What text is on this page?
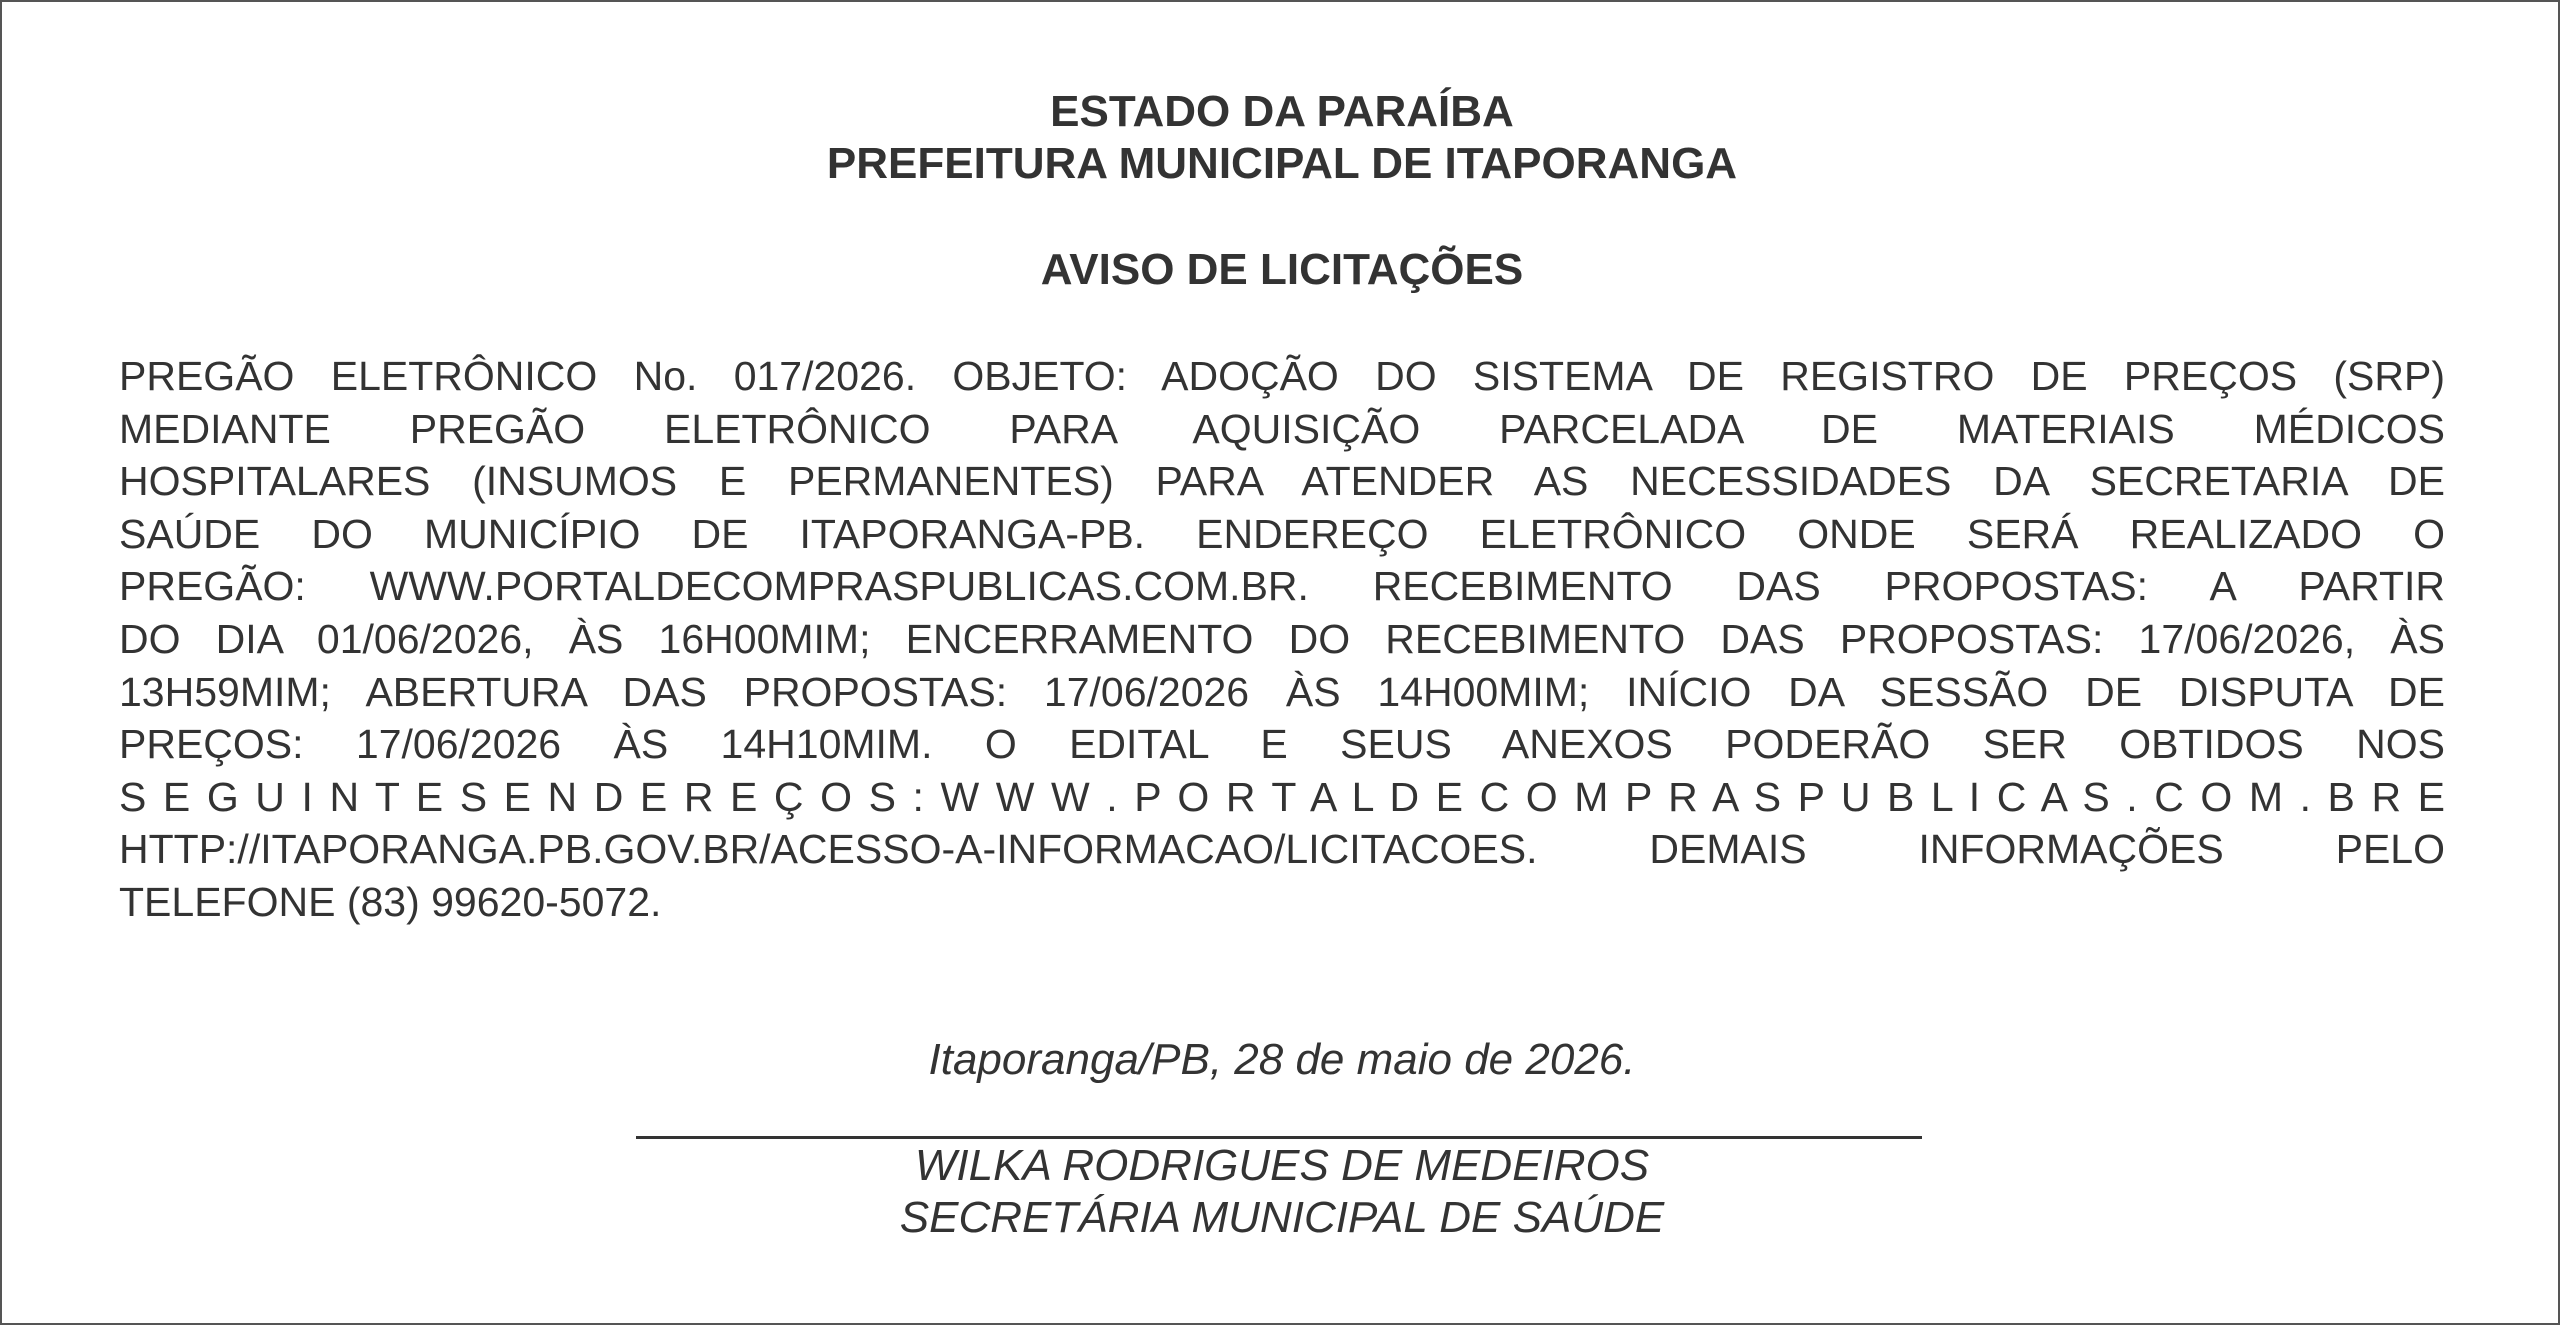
ESTADO DA PARAÍBA
PREFEITURA MUNICIPAL DE ITAPORANGA
AVISO DE LICITAÇÕES
PREGÃO ELETRÔNICO No. 017/2026. OBJETO: ADOÇÃO DO SISTEMA DE REGISTRO DE PREÇOS (SRP)
MEDIANTE PREGÃO ELETRÔNICO PARA AQUISIÇÃO PARCELADA DE MATERIAIS MÉDICOS
HOSPITALARES (INSUMOS E PERMANENTES) PARA ATENDER AS NECESSIDADES DA SECRETARIA DE
SAÚDE DO MUNICÍPIO DE ITAPORANGA-PB. ENDEREÇO ELETRÔNICO ONDE SERÁ REALIZADO O
PREGÃO: WWW.PORTALDECOMPRASPUBLICAS.COM.BR. RECEBIMENTO DAS PROPOSTAS: A PARTIR
DO DIA 01/06/2026, ÀS 16H00MIM; ENCERRAMENTO DO RECEBIMENTO DAS PROPOSTAS: 17/06/2026, ÀS
13H59MIM; ABERTURA DAS PROPOSTAS: 17/06/2026 ÀS 14H00MIM; INÍCIO DA SESSÃO DE DISPUTA DE
PREÇOS: 17/06/2026 ÀS 14H10MIM. O EDITAL E SEUS ANEXOS PODERÃO SER OBTIDOS NOS
S E G U I N T E S E N D E R E Ç O S : W W W . P O R T A L D E C O M P R A S P U B L I C A S . C O M . B R E
HTTP://ITAPORANGA.PB.GOV.BR/ACESSO-A-INFORMACAO/LICITACOES. DEMAIS INFORMAÇÕES PELO
TELEFONE (83) 99620-5072.
Itaporanga/PB, 28 de maio de 2026.
WILKA RODRIGUES DE MEDEIROS
SECRETÁRIA MUNICIPAL DE SAÚDE
